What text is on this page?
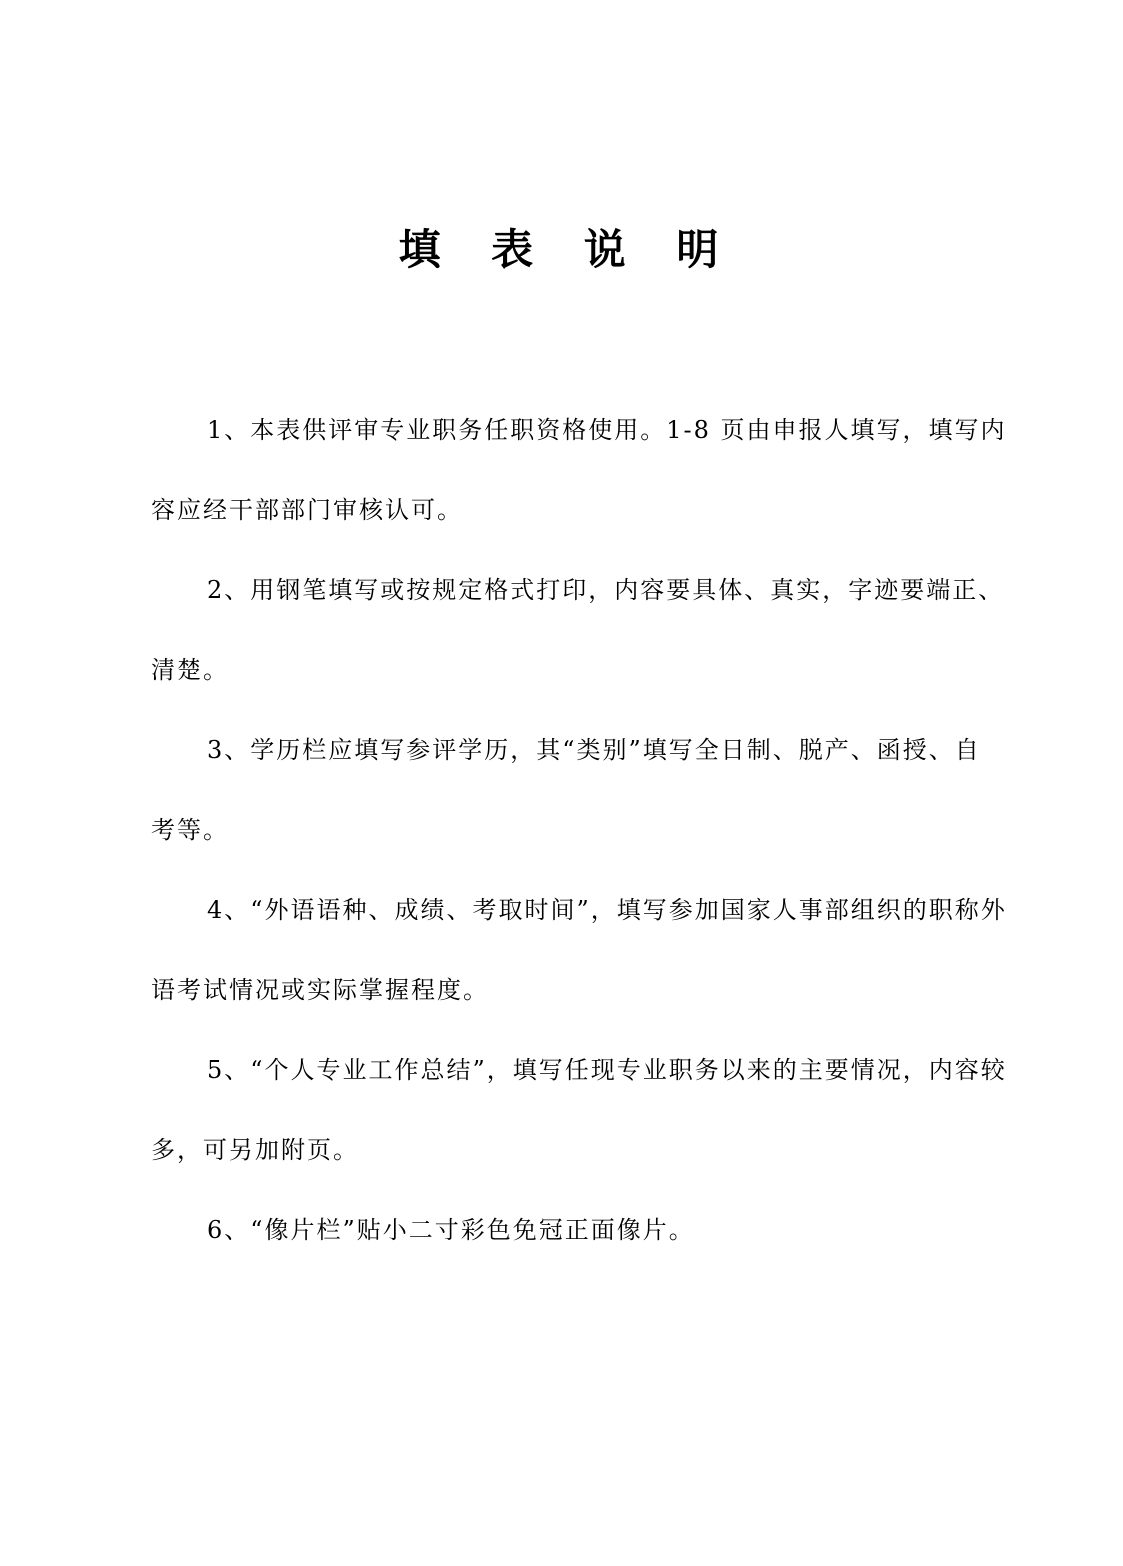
填 表 说 明
1、本表供评审专业职务任职资格使用。1-8 页由申报人填写，填写内
容应经干部部门审核认可。
2、用钢笔填写或按规定格式打印，内容要具体、真实，字迹要端正、
清楚。
3、学历栏应填写参评学历，其“类别”填写全日制、脱产、函授、自
考等。
4、“外语语种、成绩、考取时间”，填写参加国家人事部组织的职称外
语考试情况或实际掌握程度。
5、“个人专业工作总结”，填写任现专业职务以来的主要情况，内容较
多，可另加附页。
6、“像片栏”贴小二寸彩色免冠正面像片。
